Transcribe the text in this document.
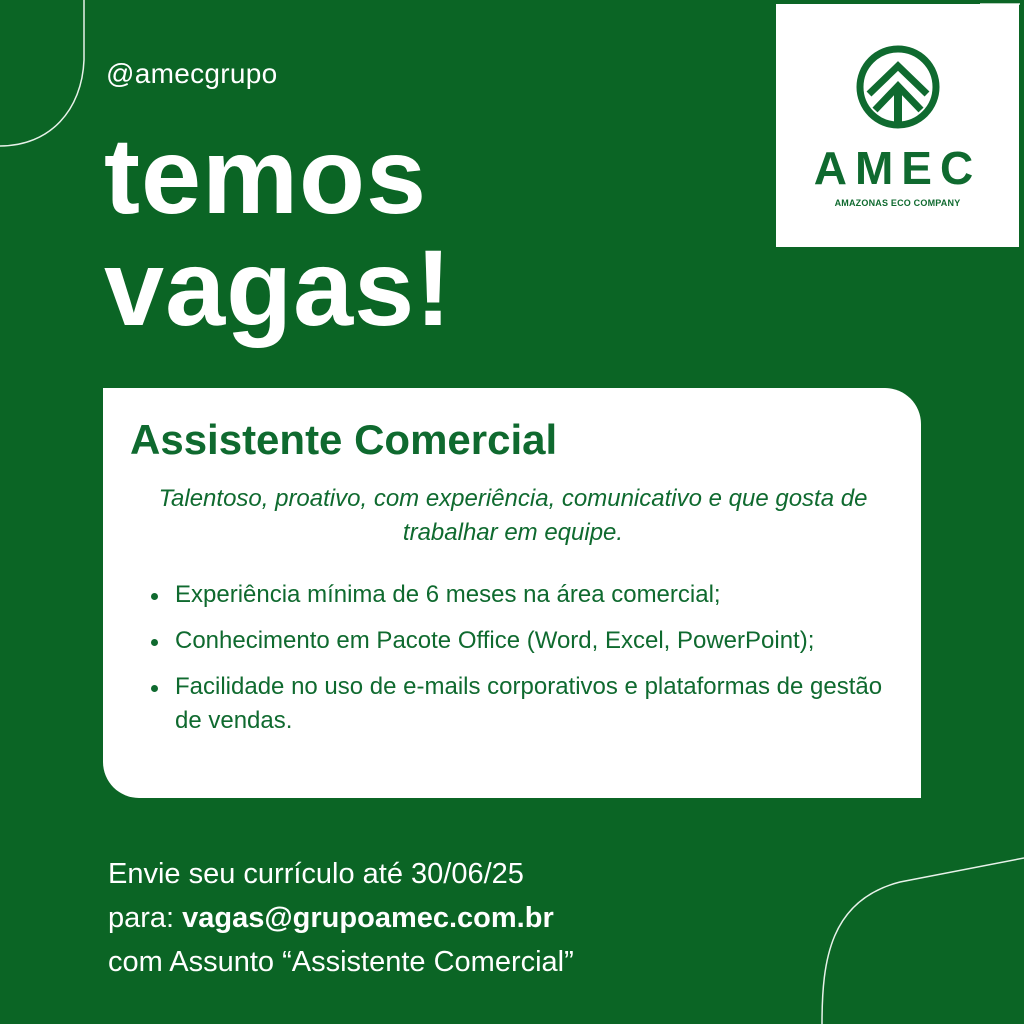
@amecgrupo
temos
vagas!
AMEC
AMAZONAS ECO COMPANY
Assistente Comercial

Talentoso, proativo, com experiência, comunicativo e que gosta de trabalhar em equipe.

Experiência mínima de 6 meses na área comercial;
Conhecimento em Pacote Office (Word, Excel, PowerPoint);
Facilidade no uso de e-mails corporativos e plataformas de gestão de vendas.
Envie seu currículo até 30/06/25
para: vagas@grupoamec.com.br
com Assunto “Assistente Comercial”
